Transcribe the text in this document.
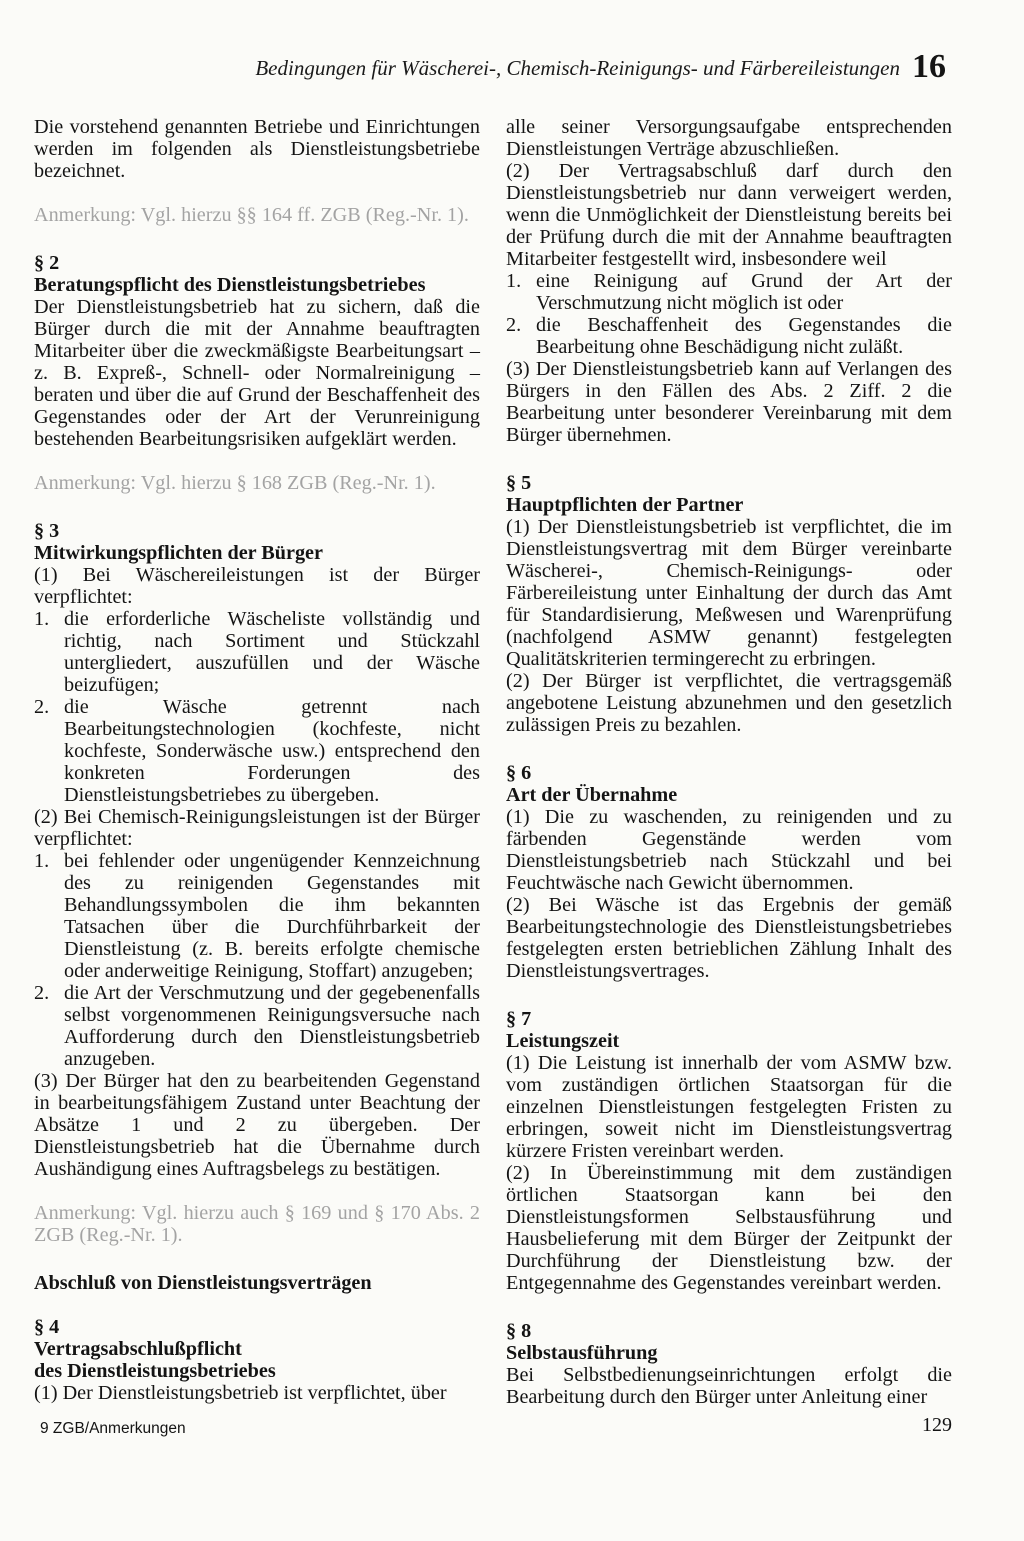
Bedingungen für Wäscherei-, Chemisch-Reinigungs- und Färbereileistungen 16

Die vorstehend genannten Betriebe und Einrichtungen werden im folgenden als Dienstleistungsbetriebe bezeichnet.

Anmerkung: Vgl. hierzu §§ 164 ff. ZGB (Reg.-Nr. 1).

§ 2

Beratungspflicht des Dienstleistungsbetriebes

Der Dienstleistungsbetrieb hat zu sichern, daß die Bürger durch die mit der Annahme beauftragten Mitarbeiter über die zweckmäßigste Bearbeitungsart – z. B. Expreß-, Schnell- oder Normalreinigung – beraten und über die auf Grund der Beschaffenheit des Gegenstandes oder der Art der Verunreinigung bestehenden Bearbeitungsrisiken aufgeklärt werden.

Anmerkung: Vgl. hierzu § 168 ZGB (Reg.-Nr. 1).

§ 3

Mitwirkungspflichten der Bürger

(1) Bei Wäschereileistungen ist der Bürger verpflichtet:

1. die erforderliche Wäscheliste vollständig und richtig, nach Sortiment und Stückzahl untergliedert, auszufüllen und der Wäsche beizufügen;
2. die Wäsche getrennt nach Bearbeitungstechnologien (kochfeste, nicht kochfeste, Sonderwäsche usw.) entsprechend den konkreten Forderungen des Dienstleistungsbetriebes zu übergeben.

(2) Bei Chemisch-Reinigungsleistungen ist der Bürger verpflichtet:

1. bei fehlender oder ungenügender Kennzeichnung des zu reinigenden Gegenstandes mit Behandlungssymbolen die ihm bekannten Tatsachen über die Durchführbarkeit der Dienstleistung (z. B. bereits erfolgte chemische oder anderweitige Reinigung, Stoffart) anzugeben;
2. die Art der Verschmutzung und der gegebenenfalls selbst vorgenommenen Reinigungsversuche nach Aufforderung durch den Dienstleistungsbetrieb anzugeben.

(3) Der Bürger hat den zu bearbeitenden Gegenstand in bearbeitungsfähigem Zustand unter Beachtung der Absätze 1 und 2 zu übergeben. Der Dienstleistungsbetrieb hat die Übernahme durch Aushändigung eines Auftragsbelegs zu bestätigen.

Anmerkung: Vgl. hierzu auch § 169 und § 170 Abs. 2 ZGB (Reg.-Nr. 1).

Abschluß von Dienstleistungsverträgen

§ 4

Vertragsabschlußpflicht

des Dienstleistungsbetriebes

(1) Der Dienstleistungsbetrieb ist verpflichtet, über

alle seiner Versorgungsaufgabe entsprechenden Dienstleistungen Verträge abzuschließen.

(2) Der Vertragsabschluß darf durch den Dienstleistungsbetrieb nur dann verweigert werden, wenn die Unmöglichkeit der Dienstleistung bereits bei der Prüfung durch die mit der Annahme beauftragten Mitarbeiter festgestellt wird, insbesondere weil

1. eine Reinigung auf Grund der Art der Verschmutzung nicht möglich ist oder
2. die Beschaffenheit des Gegenstandes die Bearbeitung ohne Beschädigung nicht zuläßt.

(3) Der Dienstleistungsbetrieb kann auf Verlangen des Bürgers in den Fällen des Abs. 2 Ziff. 2 die Bearbeitung unter besonderer Vereinbarung mit dem Bürger übernehmen.

§ 5

Hauptpflichten der Partner

(1) Der Dienstleistungsbetrieb ist verpflichtet, die im Dienstleistungsvertrag mit dem Bürger vereinbarte Wäscherei-, Chemisch-Reinigungs- oder Färbereileistung unter Einhaltung der durch das Amt für Standardisierung, Meßwesen und Warenprüfung (nachfolgend ASMW genannt) festgelegten Qualitätskriterien termingerecht zu erbringen.

(2) Der Bürger ist verpflichtet, die vertragsgemäß angebotene Leistung abzunehmen und den gesetzlich zulässigen Preis zu bezahlen.

§ 6

Art der Übernahme

(1) Die zu waschenden, zu reinigenden und zu färbenden Gegenstände werden vom Dienstleistungsbetrieb nach Stückzahl und bei Feuchtwäsche nach Gewicht übernommen.

(2) Bei Wäsche ist das Ergebnis der gemäß Bearbeitungstechnologie des Dienstleistungsbetriebes festgelegten ersten betrieblichen Zählung Inhalt des Dienstleistungsvertrages.

§ 7

Leistungszeit

(1) Die Leistung ist innerhalb der vom ASMW bzw. vom zuständigen örtlichen Staatsorgan für die einzelnen Dienstleistungen festgelegten Fristen zu erbringen, soweit nicht im Dienstleistungsvertrag kürzere Fristen vereinbart werden.

(2) In Übereinstimmung mit dem zuständigen örtlichen Staatsorgan kann bei den Dienstleistungsformen Selbstausführung und Hausbelieferung mit dem Bürger der Zeitpunkt der Durchführung der Dienstleistung bzw. der Entgegennahme des Gegenstandes vereinbart werden.

§ 8

Selbstausführung

Bei Selbstbedienungseinrichtungen erfolgt die Bearbeitung durch den Bürger unter Anleitung einer

9 ZGB/Anmerkungen	129
